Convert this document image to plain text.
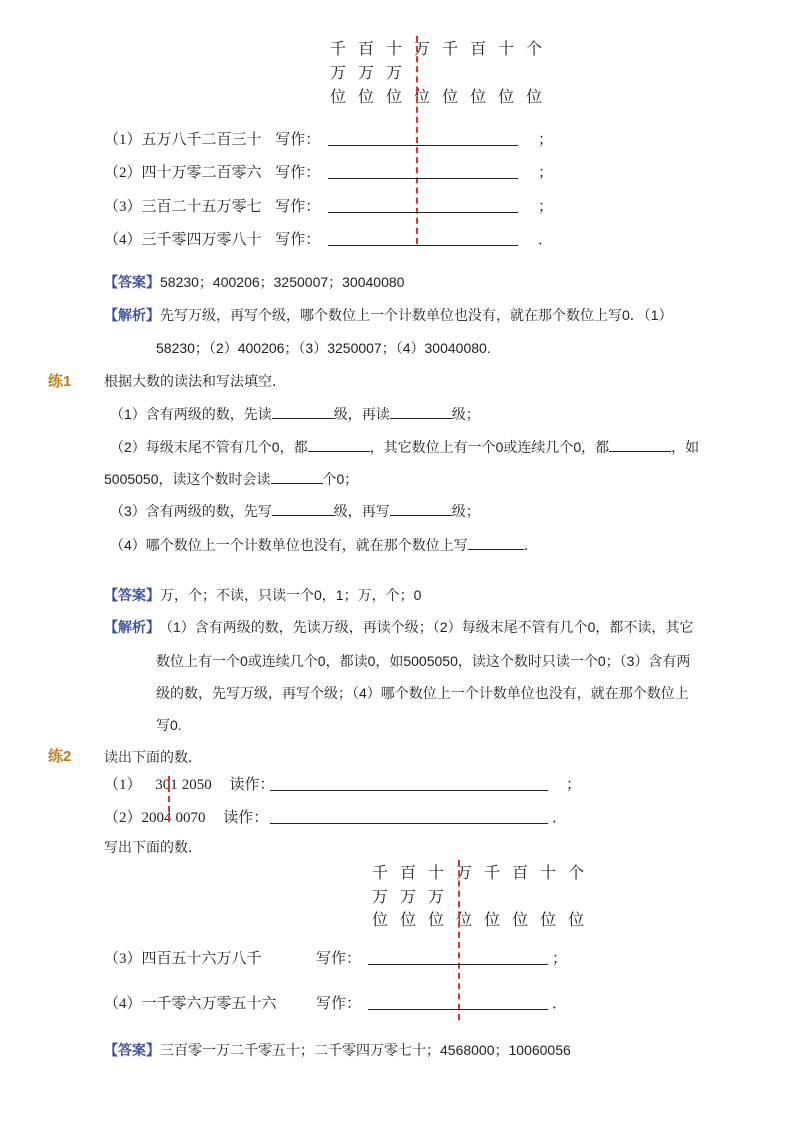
千 百 十 万 千 百 十 个
万 万 万
位 位 位 位 位 位 位 位
（1）五万八千二百三十 写作：	；
（2）四十万零二百零六 写作：	；
（3）三百二十五万零七 写作：	；
（4）三千零四万零八十 写作：	．
【答案】58230；400206；3250007；30040080
【解析】先写万级，再写个级，哪个数位上一个计数单位也没有，就在那个数位上写0．（1）
58230；（2）400206；（3）3250007；（4）30040080.
练1 根据大数的读法和写法填空．
（1）含有两级的数，先读	级，再读	级；
（2）每级末尾不管有几个0，都	，其它数位上有一个0或连续几个0，都	，如
5005050，读这个数时会读	个0；
（3）含有两级的数，先写	级，再写	级；
（4）哪个数位上一个计数单位也没有，就在那个数位上写	．
【答案】万，个；不读，只读一个0，1；万，个；0
【解析】 （1）含有两级的数，先读万级，再读个级；（2）每级末尾不管有几个0，都不读，其它
数位上有一个0或连续几个0，都读0，如5005050，读这个数时只读一个0；（3）含有两
级的数，先写万级，再写个级；（4）哪个数位上一个计数单位也没有，就在那个数位上
写0.
练2 读出下面的数．
（1） 301 2050 读作：	；
（2）2004 0070 读作：	．
写出下面的数．
千 百 十 万 千 百 十 个
万 万 万
位 位 位 位 位 位 位 位
（3）四百五十六万八千	写作：	；
（4）一千零六万零五十六	写作：	．
【答案】三百零一万二千零五十；二千零四万零七十；4568000；10060056
